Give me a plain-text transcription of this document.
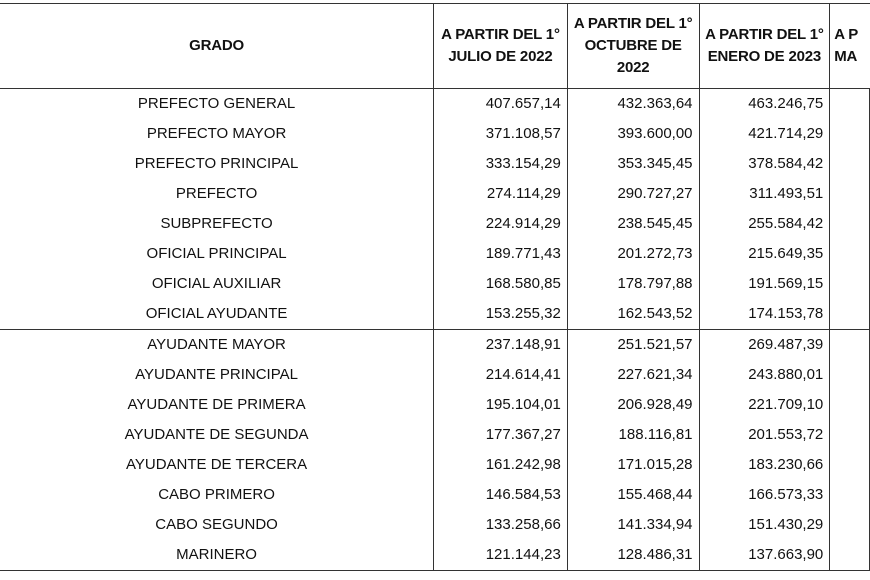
GRADO	A PARTIR DEL 1° JULIO DE 2022	A PARTIR DEL 1° OCTUBRE DE 2022	A PARTIR DEL 1° ENERO DE 2023	A P MA
PREFECTO GENERAL	407.657,14	432.363,64	463.246,75	
PREFECTO MAYOR	371.108,57	393.600,00	421.714,29	
PREFECTO PRINCIPAL	333.154,29	353.345,45	378.584,42	
PREFECTO	274.114,29	290.727,27	311.493,51	
SUBPREFECTO	224.914,29	238.545,45	255.584,42	
OFICIAL PRINCIPAL	189.771,43	201.272,73	215.649,35	
OFICIAL AUXILIAR	168.580,85	178.797,88	191.569,15	
OFICIAL AYUDANTE	153.255,32	162.543,52	174.153,78	
AYUDANTE MAYOR	237.148,91	251.521,57	269.487,39	
AYUDANTE PRINCIPAL	214.614,41	227.621,34	243.880,01	
AYUDANTE DE PRIMERA	195.104,01	206.928,49	221.709,10	
AYUDANTE DE SEGUNDA	177.367,27	188.116,81	201.553,72	
AYUDANTE DE TERCERA	161.242,98	171.015,28	183.230,66	
CABO PRIMERO	146.584,53	155.468,44	166.573,33	
CABO SEGUNDO	133.258,66	141.334,94	151.430,29	
MARINERO	121.144,23	128.486,31	137.663,90	
